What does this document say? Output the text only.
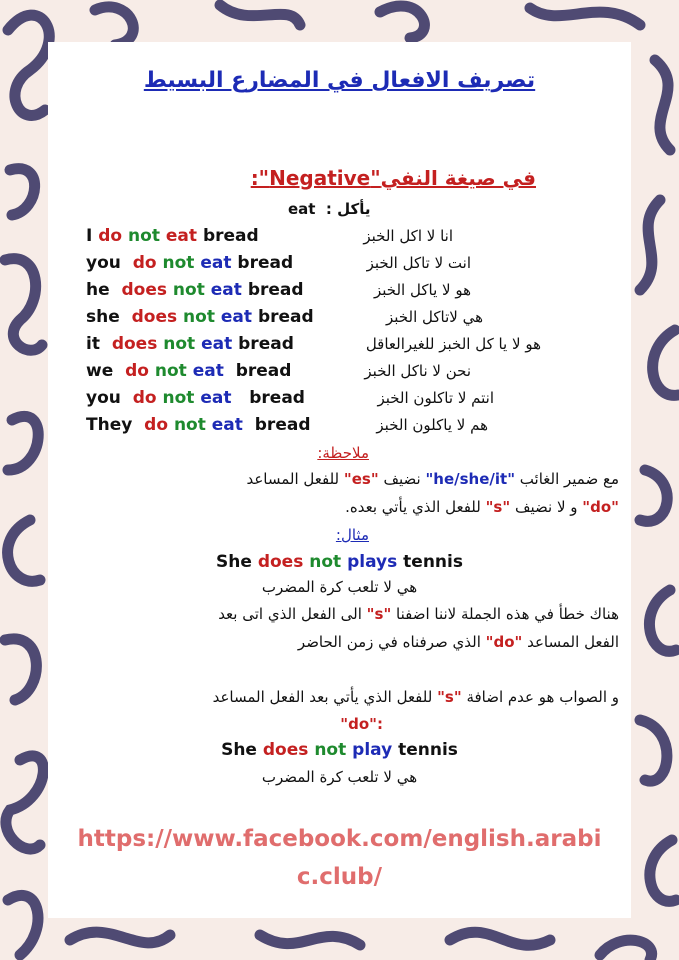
تصريف الافعال في المضارع البسيط
في صيغة النفي"Negative":
يأكل :  eat
I do not eat bread	انا لا اكل الخبز
you do not eat bread	انت لا تاكل الخبز
he does not eat bread	هو لا ياكل الخبز
she does not eat bread	هي لاتاكل الخبز
it does not eat bread	هو لا يا كل الخبز للغيرالعاقل
we do not eat bread	نحن لا ناكل الخبز
you do not eat bread	انتم لا تاكلون الخبز
They do not eat bread	هم لا ياكلون الخبز
ملاحظة:
مع ضمير الغائب "he/she/it" نضيف "es" للفعل المساعد
"do" و لا نضيف "s" للفعل الذي يأتي بعده.
مثال:
She does not plays tennis
هي لا تلعب كرة المضرب
هناك خطأ في هذه الجملة لاننا اضفنا "s" الى الفعل الذي اتى بعد
الفعل المساعد "do" الذي صرفناه في زمن الحاضر
و الصواب هو عدم اضافة "s" للفعل الذي يأتي بعد الفعل المساعد
:"do"
She does not play tennis
هي لا تلعب كرة المضرب
https://www.facebook.com/english.arabi
c.club/
